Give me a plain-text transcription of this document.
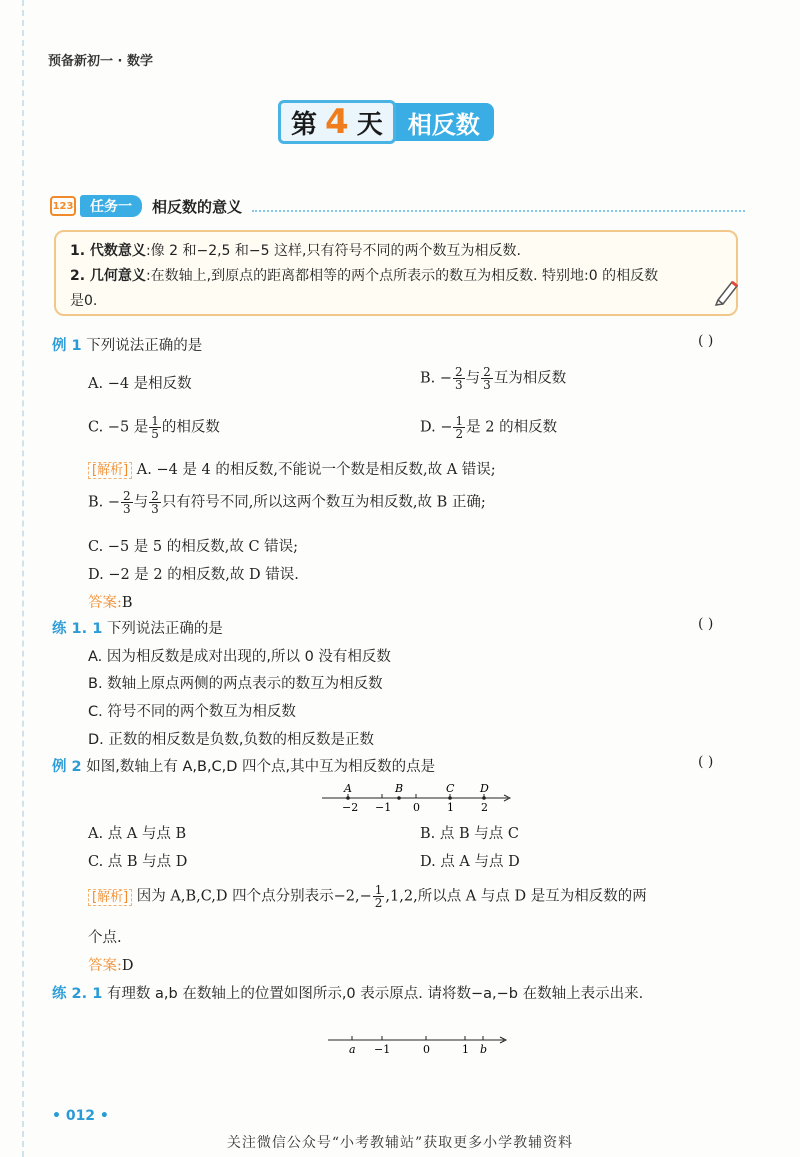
预备新初一 · 数学
第 4 天	相反数
123	任务一	相反数的意义
1. 代数意义:像 2 和−2,5 和−5 这样,只有符号不同的两个数互为相反数.
2. 几何意义:在数轴上,到原点的距离都相等的两个点所表示的数互为相反数. 特别地:0 的相反数
是0.
例 1 下列说法正确的是	( )
A. −4 是相反数	B. − $\frac{2}{3}$ 与 $\frac{2}{3}$ 互为相反数
C. −5 是 $\frac{1}{5}$ 的相反数	D. − $\frac{1}{2}$ 是 2 的相反数
[解析] A. −4 是 4 的相反数,不能说一个数是相反数,故 A 错误;
B. − $\frac{2}{3}$ 与 $\frac{2}{3}$ 只有符号不同,所以这两个数互为相反数,故 B 正确;
C. −5 是 5 的相反数,故 C 错误;
D. −2 是 2 的相反数,故 D 错误.
答案:B
练 1. 1 下列说法正确的是	( )
A. 因为相反数是成对出现的,所以 0 没有相反数
B. 数轴上原点两侧的两点表示的数互为相反数
C. 符号不同的两个数互为相反数
D. 正数的相反数是负数,负数的相反数是正数
例 2 如图,数轴上有 A,B,C,D 四个点,其中互为相反数的点是	( )
A	B	C D
−2 −1 0 1 2
A. 点 A 与点 B	B. 点 B 与点 C
C. 点 B 与点 D	D. 点 A 与点 D
[解析] 因为 A,B,C,D 四个点分别表示$-2,- \frac{1}{2} ,1,2$,所以点 A 与点 D 是互为相反数的两
个点.
答案:D
练 2. 1 有理数 a,b 在数轴上的位置如图所示,0 表示原点. 请将数−a,−b 在数轴上表示出来.
a −1	0	1 b
• 012 •
关注微信公众号“小考教辅站”获取更多小学教辅资料
